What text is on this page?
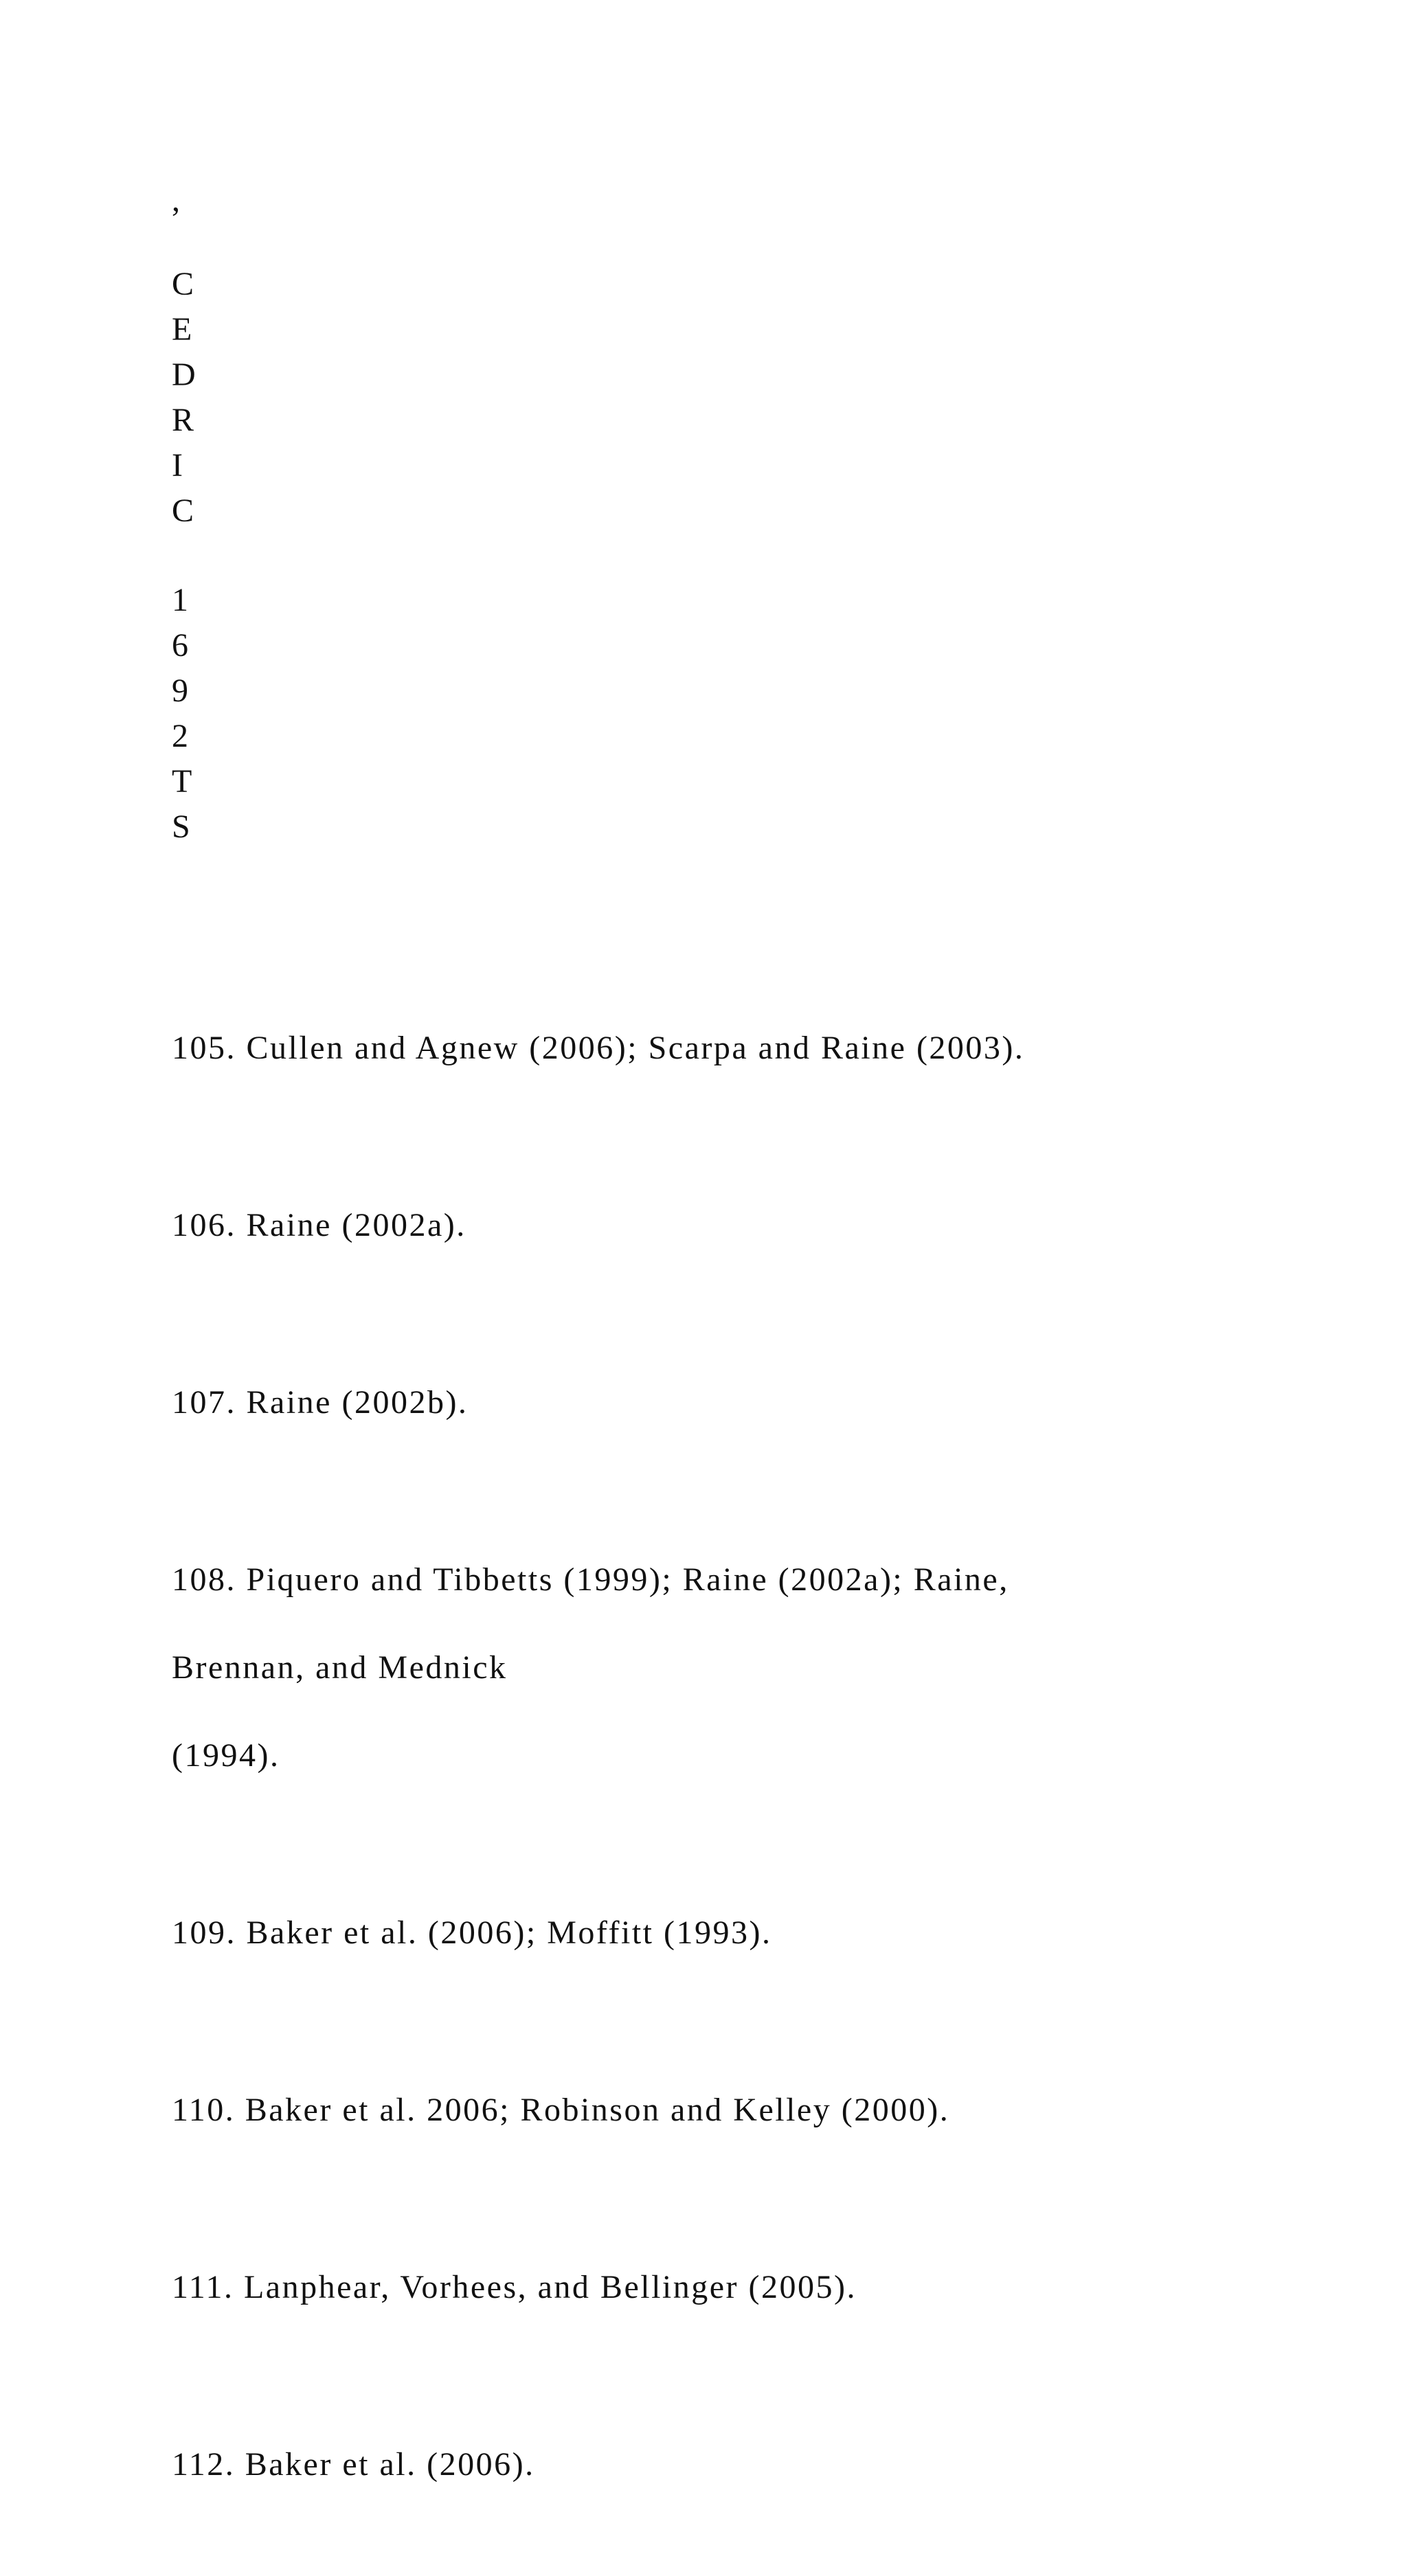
,
C
E
D
R
I
C
1
6
9
2
T
S

105. Cullen and Agnew (2006); Scarpa and Raine (2003).

106. Raine (2002a).

107. Raine (2002b).

108. Piquero and Tibbetts (1999); Raine (2002a); Raine,

Brennan, and Mednick

(1994).

109. Baker et al. (2006); Moffitt (1993).

110. Baker et al. 2006; Robinson and Kelley (2000).

111. Lanphear, Vorhees, and Bellinger (2005).

112. Baker et al. (2006).
